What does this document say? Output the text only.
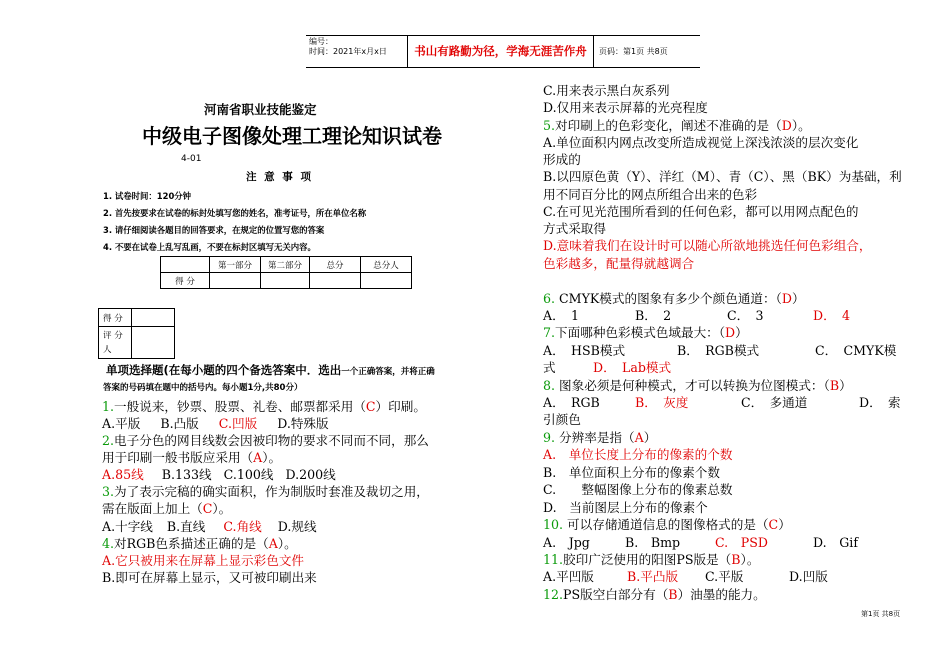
编号：
时间：2021年x月x日	书山有路勤为径，学海无涯苦作舟	页码：第1页 共8页
河南省职业技能鉴定
中级电子图像处理工理论知识试卷
4-01
注 意 事 项
1. 试卷时间：120分钟
2. 首先按要求在试卷的标封处填写您的姓名，准考证号，所在单位名称
3. 请仔细阅读各题目的回答要求，在规定的位置写您的答案
4. 不要在试卷上乱写乱画，不要在标封区填写无关内容。
	第一部分	第二部分	总分	总分人
得 分				
得 分	
评 分 人	
单项选择题(在每小题的四个备选答案中．选出一个正确答案，并将正确
答案的号码填在题中的括号内。每小题1分,共80分）
1.一般说来，钞票、股票、礼卷、邮票都采用（C）印刷。
A.平版 B.凸版 C.凹版 D.特殊版
2.电子分色的网目线数会因被印物的要求不同而不同，那么
用于印刷一般书版应采用（A）。
A.85线 B.133线 C.100线 D.200线
3.为了表示完稿的确实面积，作为制版时套准及裁切之用，
需在版面上加上（C）。
A.十字线 B.直线 C.角线 D.规线
4.对RGB色系描述正确的是（A）。
A.它只被用来在屏幕上显示彩色文件
B.即可在屏幕上显示，又可被印刷出来
C.用来表示黑白灰系列
D.仅用来表示屏幕的光亮程度
5.对印刷上的色彩变化，阐述不准确的是（D）。
A.单位面积内网点改变所造成视觉上深浅浓淡的层次变化
形成的
B.以四原色黄（Y）、洋红（M）、青（C）、黑（BK）为基础，利
用不同百分比的网点所组合出来的色彩
C.在可见光范围所看到的任何色彩，都可以用网点配色的
方式采取得
D.意味着我们在设计时可以随心所欲地挑选任何色彩组合，
色彩越多，配量得就越调合
6. CMYK模式的图象有多少个颜色通道：（D）
A．　1	B．　2	C．　3	D．　4
7.下面哪种色彩模式色域最大：（D）
A．　HSB模式	B．　RGB模式	C．　CMYK模
式	D．　Lab模式
8. 图象必须是何种模式，才可以转换为位图模式：（B）
A．　RGB	B．　灰度	C．　多通道	D．　索
引颜色
9. 分辨率是指（A）
A.　单位长度上分布的像素的个数
B.　单位面积上分布的像素个数
C.　　整幅图像上分布的像素总数
D.　当前图层上分布的像素个
10. 可以存储通道信息的图像格式的是（C）
A.　Jpg	B.　Bmp	C.　PSD	D.　Gif
11.胶印广泛使用的阳图PS版是（B）。
A.平凹版	B.平凸版 C.平版	D.凹版
12.PS版空白部分有（B）油墨的能力。
第1页 共8页
